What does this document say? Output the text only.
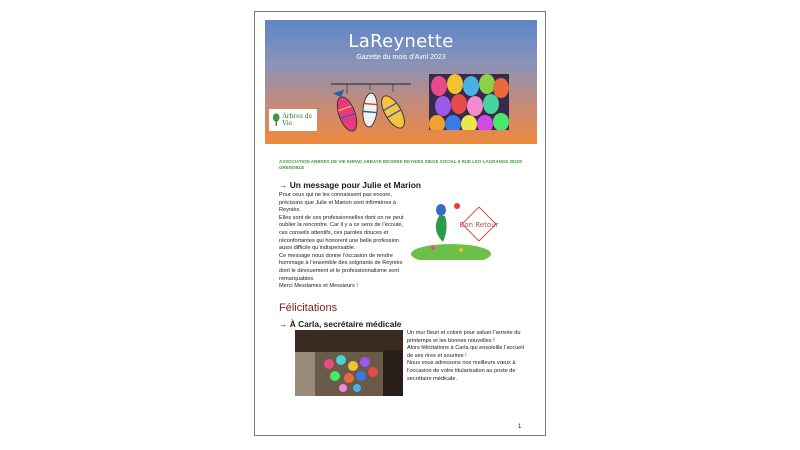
LaReynette
Gazette du mois d’Avril 2023
Arbres de Vie
ASSOCIATION ARBRES DE VIE EHPAD ABBAYE BEVIERE REYNIES SIEGE SOCIAL 6 RUE LEO LAGRANGE 38100 GRENOBLE
→ Un message pour Julie et Marion

Pour ceux qui ne les connaissent pas encore, précisons que Julie et Marion sont infirmières à Reyniès.

Elles sont de ces professionnelles dont on ne peut oublier la rencontre. Car il y a ce sens de l’écoute, ces conseils attentifs, ces paroles douces et réconfortantes qui honorent une belle profession aussi difficile qu’indispensable.

Ce message nous donne l’occasion de rendre hommage à l’ensemble des soignants de Reyniès dont le dévouement et le professionnalisme sont remarquables.

Merci Mesdames et Messieurs !

Bon Retour
Félicitations
→ À Carla, secrétaire médicale

Un mur fleuri et coloré pour saluer l’arrivée du printemps et les bonnes nouvelles !

Alors félicitations à Carla qui ensoleille l’accueil de ses rires et sourires !

Nous vous adressons nos meilleurs vœux à l’occasion de votre titularisation au poste de secrétaire médicale.

1
